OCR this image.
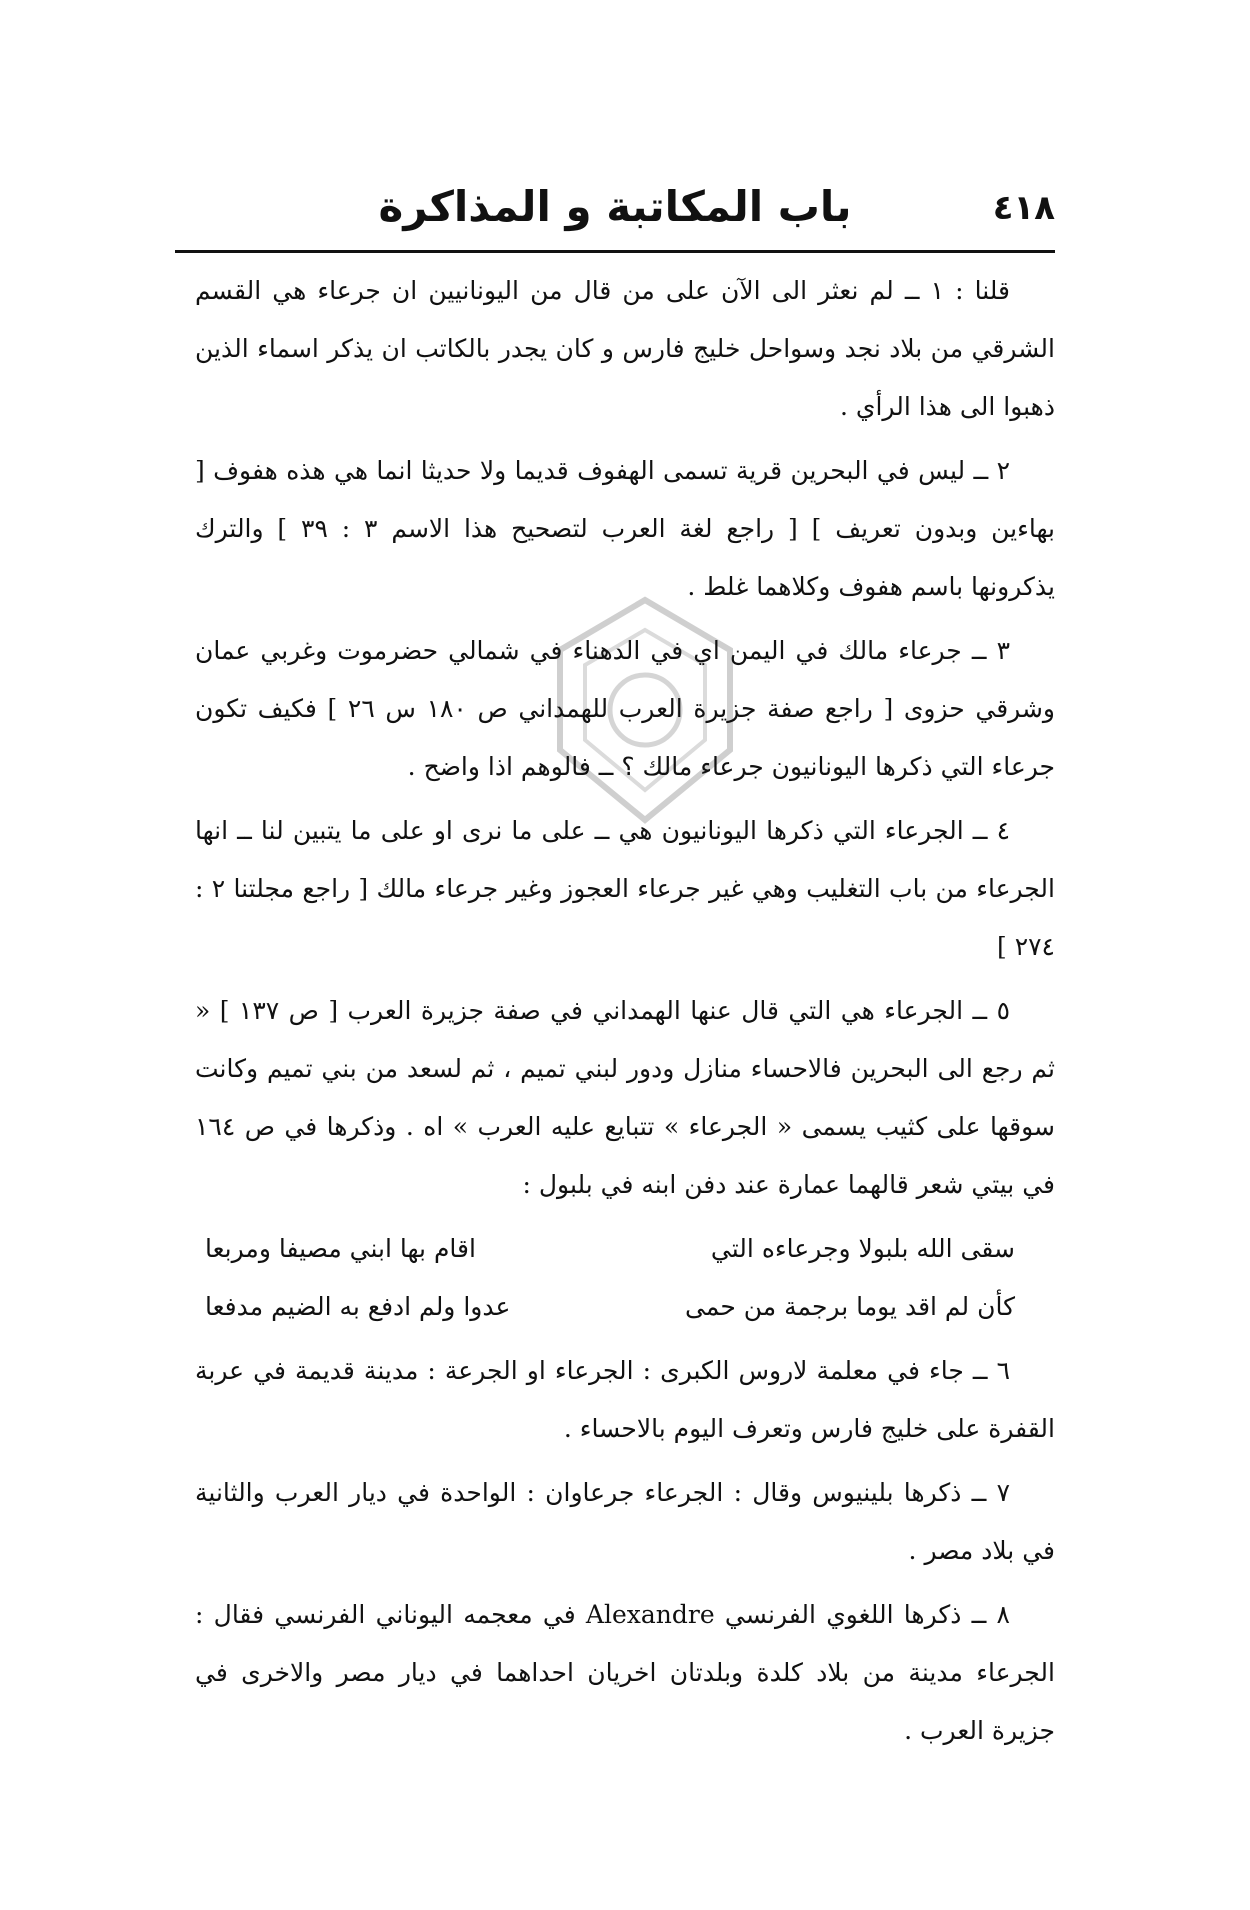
٤١٨
باب المكاتبة و المذاكرة

قلنا : ١ ــ لم نعثر الى الآن على من قال من اليونانيين ان جرعاء هي القسم الشرقي من بلاد نجد وسواحل خليج فارس و كان يجدر بالكاتب ان يذكر اسماء الذين ذهبوا الى هذا الرأي .

٢ ــ ليس في البحرين قرية تسمى الهفوف قديما ولا حديثا انما هي هذه هفوف [ بهاءين وبدون تعريف ] [ راجع لغة العرب لتصحيح هذا الاسم ٣ : ٣٩ ] والترك يذكرونها باسم هفوف وكلاهما غلط .

٣ ــ جرعاء مالك في اليمن اي في الدهناء في شمالي حضرموت وغربي عمان وشرقي حزوى [ راجع صفة جزيرة العرب للهمداني ص ١٨٠ س ٢٦ ] فكيف تكون جرعاء التي ذكرها اليونانيون جرعاء مالك ؟ ــ فالوهم اذا واضح .

٤ ــ الجرعاء التي ذكرها اليونانيون هي ــ على ما نرى او على ما يتبين لنا ــ انها الجرعاء من باب التغليب وهي غير جرعاء العجوز وغير جرعاء مالك [ راجع مجلتنا ٢ : ٢٧٤ ]

٥ ــ الجرعاء هي التي قال عنها الهمداني في صفة جزيرة العرب [ ص ١٣٧ ] « ثم رجع الى البحرين فالاحساء منازل ودور لبني تميم ، ثم لسعد من بني تميم وكانت سوقها على كثيب يسمى « الجرعاء » تتبايع عليه العرب » اه . وذكرها في ص ١٦٤ في بيتي شعر قالهما عمارة عند دفن ابنه في بلبول :

سقى الله بلبولا وجرعاءه التي
اقام بها ابني مصيفا ومربعا
كأن لم اقد يوما برجمة من حمى
عدوا ولم ادفع به الضيم مدفعا

٦ ــ جاء في معلمة لاروس الكبرى : الجرعاء او الجرعة : مدينة قديمة في عربة القفرة على خليج فارس وتعرف اليوم بالاحساء .

٧ ــ ذكرها بلينيوس وقال : الجرعاء جرعاوان : الواحدة في ديار العرب والثانية في بلاد مصر .

٨ ــ ذكرها اللغوي الفرنسي Alexandre في معجمه اليوناني الفرنسي فقال : الجرعاء مدينة من بلاد كلدة وبلدتان اخريان احداهما في ديار مصر والاخرى في جزيرة العرب .
